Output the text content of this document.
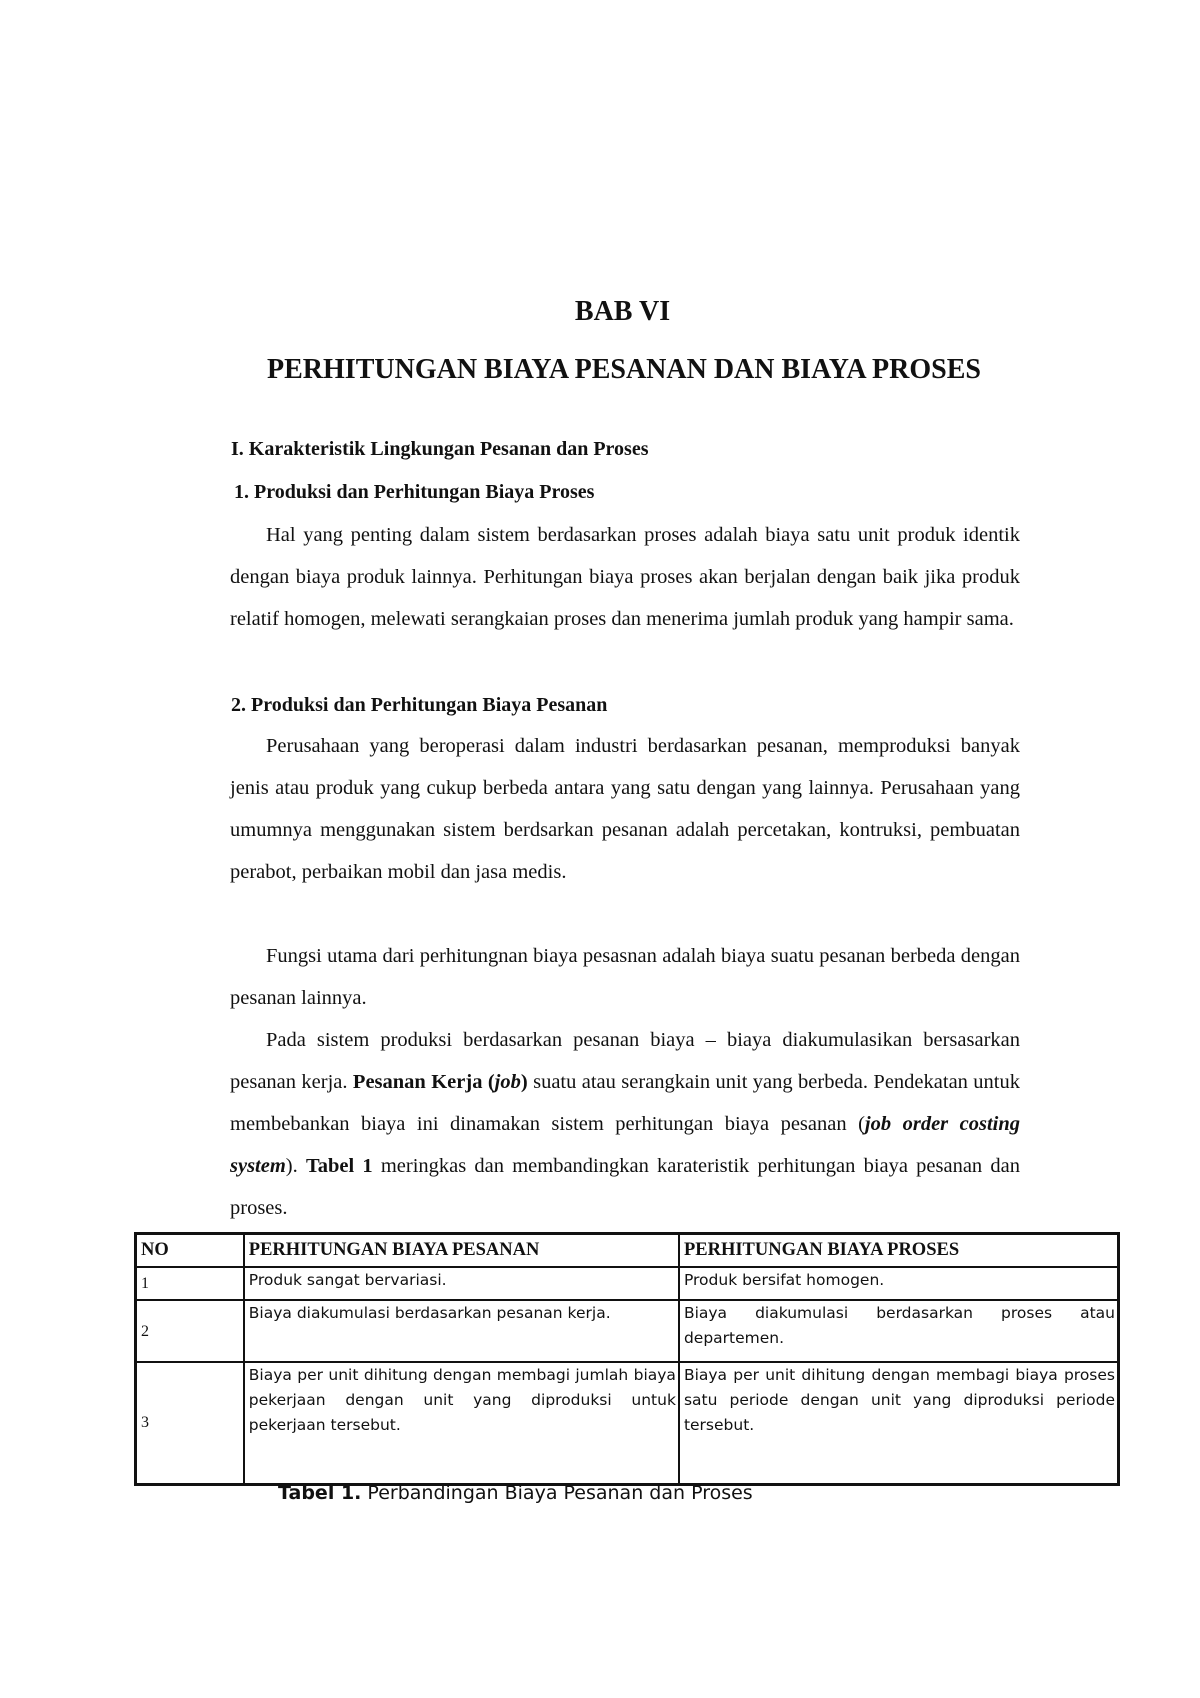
BAB VI
PERHITUNGAN BIAYA PESANAN DAN BIAYA PROSES
I. Karakteristik Lingkungan Pesanan dan Proses
1. Produksi dan Perhitungan Biaya Proses

Hal yang penting dalam sistem berdasarkan proses adalah biaya satu unit produk identik dengan biaya produk lainnya. Perhitungan biaya proses akan berjalan dengan baik jika produk relatif homogen, melewati serangkaian proses dan menerima jumlah produk yang hampir sama.

2. Produksi dan Perhitungan Biaya Pesanan

Perusahaan yang beroperasi dalam industri berdasarkan pesanan, memproduksi banyak jenis atau produk yang cukup berbeda antara yang satu dengan yang lainnya. Perusahaan yang umumnya menggunakan sistem berdsarkan pesanan adalah percetakan, kontruksi, pembuatan perabot, perbaikan mobil dan jasa medis.

Fungsi utama dari perhitungnan biaya pesasnan adalah biaya suatu pesanan berbeda dengan pesanan lainnya.

Pada sistem produksi berdasarkan pesanan biaya – biaya diakumulasikan bersasarkan pesanan kerja. Pesanan Kerja (job) suatu atau serangkain unit yang berbeda. Pendekatan untuk membebankan biaya ini dinamakan sistem perhitungan biaya pesanan (job order costing system). Tabel 1 meringkas dan membandingkan karateristik perhitungan biaya pesanan dan proses.

NO	PERHITUNGAN BIAYA PESANAN	PERHITUNGAN BIAYA PROSES
1	Produk sangat bervariasi.	Produk bersifat homogen.
2	Biaya diakumulasi berdasarkan pesanan kerja.	Biaya diakumulasi berdasarkan proses atau departemen.
3	Biaya per unit dihitung dengan membagi jumlah biaya pekerjaan dengan unit yang diproduksi untuk pekerjaan tersebut.	Biaya per unit dihitung dengan membagi biaya proses satu periode dengan unit yang diproduksi periode tersebut.
Tabel 1. Perbandingan Biaya Pesanan dan Proses
